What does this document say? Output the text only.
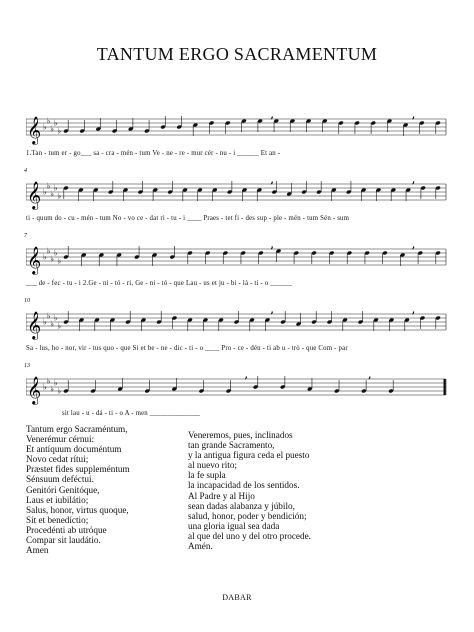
TANTUM ERGO SACRAMENTUM
𝄞 ♭
♭
♭
♭
♭
,	,
1.Tan - tum er - go___ sa - cra - mén - tum Ve - ne - re - mur cér - nu - i ______ Et an -
𝄞 ♭
♭
♭
♭
♭
,	,
4
ti - quum do - cu - mén - tum No - vo ce - dat ri - tu - i ____ Praes - tet fi - des sup - ple - mén - tum Sén - sum
𝄞 ♭
♭
♭
♭
♭
,	,
7
___ de - fec - tu - i 2.Ge - ni - tó - ri, Ge - ni - tó - que Lau - us et ju - bi - lá - ti - o ______
𝄞 ♭
♭
♭
♭
♭
,	,
10
Sa - lus, ho - nor, vir - tus quo - que Si et be - ne - dic - ti - o ____ Pro - ce - dén - ti ab u - trò - que Com - par
𝄞 ♭
♭
♭
♭
♭
,	,
13
sit lau - u - dá - ti - o A - men ______________
Tantum ergo Sacraméntum,
Venerémur cérnui:
Et antíquum documéntum
Novo cedat rítui;
Præstet fides suppleméntum
Sénsuum deféctui.
Genitóri Genitóque,
Laus et iubilátio;
Salus, honor, virtus quoque,
Sit et benedíctio;
Procedénti ab utróque
Compar sit laudátio.
Amen
Veneremos, pues, inclinados
tan grande Sacramento,
y la antigua figura ceda el puesto
al nuevo rito;
la fe supla
la incapacidad de los sentidos.
Al Padre y al Hijo
sean dadas alabanza y júbilo,
salud, honor, poder y bendición;
una gloria igual sea dada
al que del uno y del otro procede.
Amén.
DABAR
